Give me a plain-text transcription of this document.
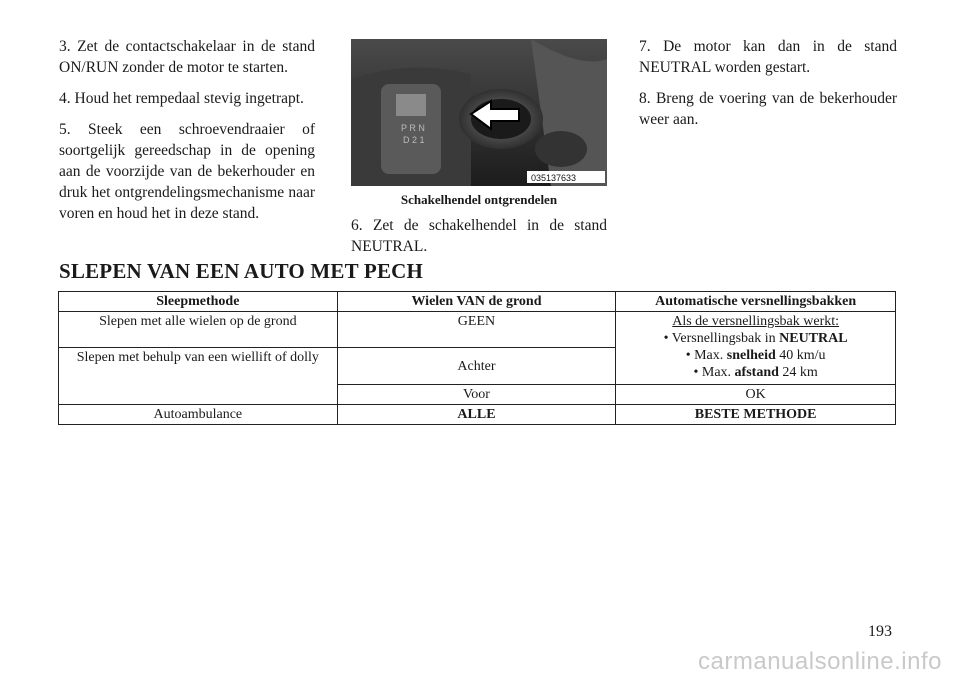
3. Zet de contactschakelaar in de stand ON/RUN zonder de motor te starten.

4. Houd het rempedaal stevig ingetrapt.

5. Steek een schroevendraaier of soortgelijk gereedschap in de opening aan de voorzijde van de bekerhouder en druk het ontgrendelingsmechanisme naar voren en houd het in deze stand.

P R N
D 2 1
035137633
Schakelhendel ontgrendelen

6. Zet de schakelhendel in de stand NEUTRAL.

7. De motor kan dan in de stand NEUTRAL worden gestart.

8. Breng de voering van de bekerhouder weer aan.

SLEPEN VAN EEN AUTO MET PECH
Sleepmethode	Wielen VAN de grond	Automatische versnellingsbakken
Slepen met alle wielen op de grond	GEEN	Als de versnellingsbak werkt:
• Versnellingsbak in NEUTRAL
• Max. snelheid 40 km/u
• Max. afstand 24 km

Slepen met behulp van een wiellift of dolly	Achter	
	Voor	OK
Autoambulance	ALLE	BESTE METHODE
193
carmanualsonline.info
